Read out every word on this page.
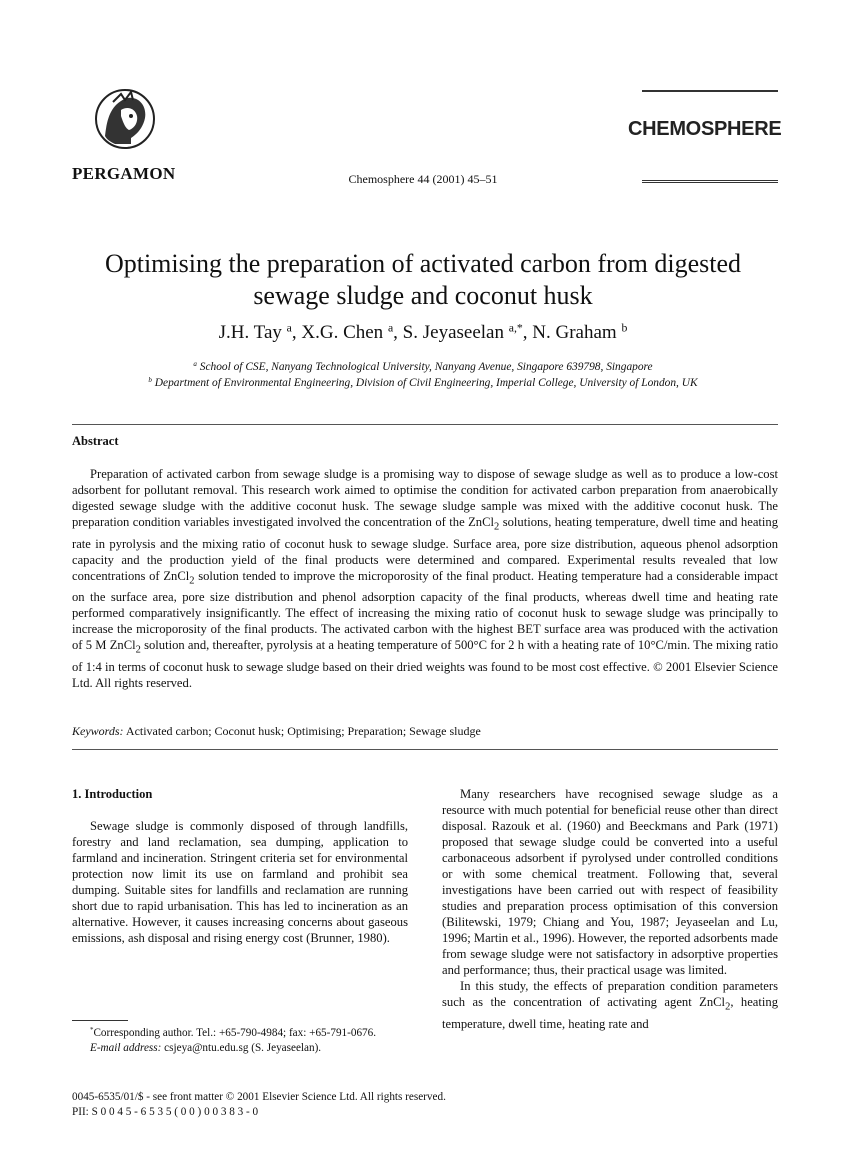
PERGAMON	Chemosphere 44 (2001) 45–51
CHEMOSPHERE
Optimising the preparation of activated carbon from digested
sewage sludge and coconut husk
J.H. Tay $^a$, X.G. Chen $^a$, S. Jeyaseelan $^{a,*}$, N. Graham $^b$
$^a$ School of CSE, Nanyang Technological University, Nanyang Avenue, Singapore 639798, Singapore
$^b$ Department of Environmental Engineering, Division of Civil Engineering, Imperial College, University of London, UK
Abstract

Preparation of activated carbon from sewage sludge is a promising way to dispose of sewage sludge as well as to produce a low-cost adsorbent for pollutant removal. This research work aimed to optimise the condition for activated carbon preparation from anaerobically digested sewage sludge with the additive coconut husk. The sewage sludge sample was mixed with the additive coconut husk. The preparation condition variables investigated involved the concentration of the ZnCl$_2$ solutions, heating temperature, dwell time and heating rate in pyrolysis and the mixing ratio of coconut husk to sewage sludge. Surface area, pore size distribution, aqueous phenol adsorption capacity and the production yield of the final products were determined and compared. Experimental results revealed that low concentrations of ZnCl$_2$ solution tended to improve the microporosity of the final product. Heating temperature had a considerable impact on the surface area, pore size distribution and phenol adsorption capacity of the final products, whereas dwell time and heating rate performed comparatively insignificantly. The effect of increasing the mixing ratio of coconut husk to sewage sludge was principally to increase the microporosity of the final products. The activated carbon with the highest BET surface area was produced with the activation of 5 M ZnCl$_2$ solution and, thereafter, pyrolysis at a heating temperature of 500°C for 2 h with a heating rate of 10°C/min. The mixing ratio of 1:4 in terms of coconut husk to sewage sludge based on their dried weights was found to be most cost effective. © 2001 Elsevier Science Ltd. All rights reserved.

Keywords: Activated carbon; Coconut husk; Optimising; Preparation; Sewage sludge
1. Introduction

Sewage sludge is commonly disposed of through landfills, forestry and land reclamation, sea dumping, application to farmland and incineration. Stringent criteria set for environmental protection now limit its use on farmland and prohibit sea dumping. Suitable sites for landfills and reclamation are running short due to rapid urbanisation. This has led to incineration as an alternative. However, it causes increasing concerns about gaseous emissions, ash disposal and rising energy cost (Brunner, 1980).

Many researchers have recognised sewage sludge as a resource with much potential for beneficial reuse other than direct disposal. Razouk et al. (1960) and Beeckmans and Park (1971) proposed that sewage sludge could be converted into a useful carbonaceous adsorbent if pyrolysed under controlled conditions or with some chemical treatment. Following that, several investigations have been carried out with respect of feasibility studies and preparation process optimisation of this conversion (Bilitewski, 1979; Chiang and You, 1987; Jeyaseelan and Lu, 1996; Martin et al., 1996). However, the reported adsorbents made from sewage sludge were not satisfactory in adsorptive properties and performance; thus, their practical usage was limited.

In this study, the effects of preparation condition parameters such as the concentration of activating agent ZnCl$_2$, heating temperature, dwell time, heating rate and

*Corresponding author. Tel.: +65-790-4984; fax: +65-791-0676.
E-mail address: csjeya@ntu.edu.sg (S. Jeyaseelan).
0045-6535/01/$ - see front matter © 2001 Elsevier Science Ltd. All rights reserved.
PII: S 0 0 4 5 - 6 5 3 5 ( 0 0 ) 0 0 3 8 3 - 0
